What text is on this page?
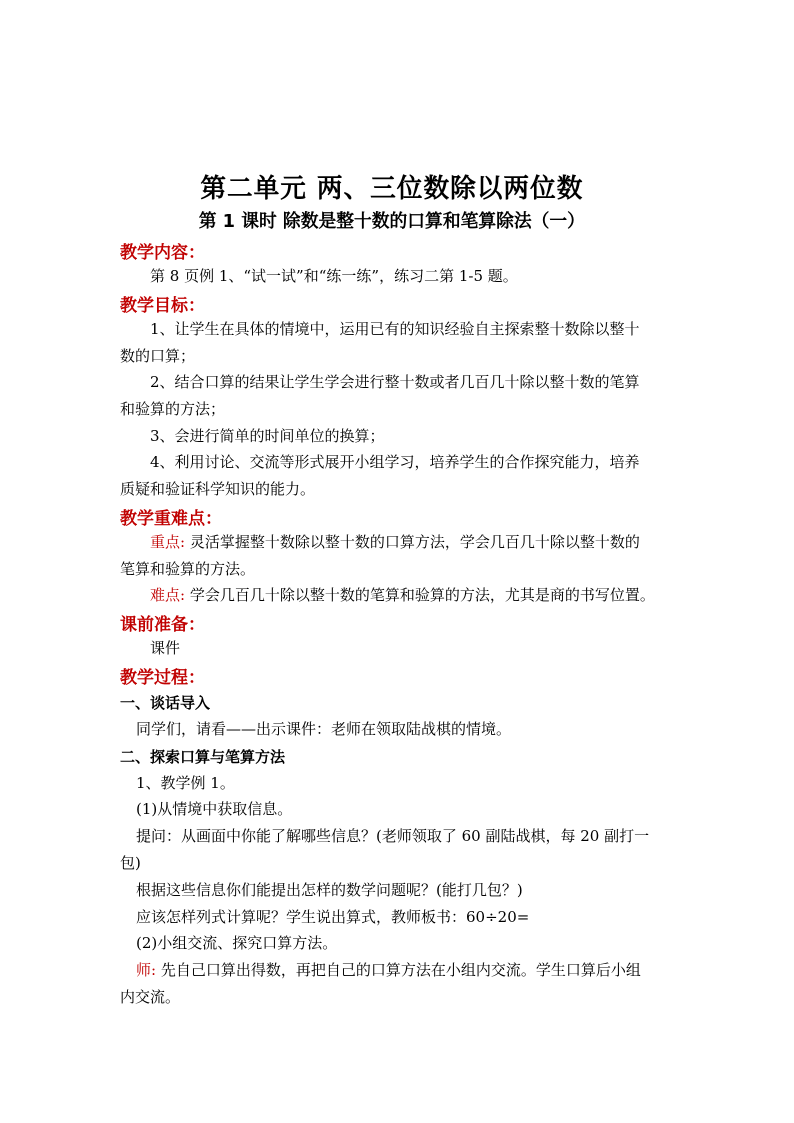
第二单元 两、三位数除以两位数
第 1 课时 除数是整十数的口算和笔算除法（一）
教学内容：
第 8 页例 1、“试一试”和“练一练”，练习二第 1-5 题。
教学目标：
1、让学生在具体的情境中，运用已有的知识经验自主探索整十数除以整十
数的口算；
2、结合口算的结果让学生学会进行整十数或者几百几十除以整十数的笔算
和验算的方法；
3、会进行简单的时间单位的换算；
4、利用讨论、交流等形式展开小组学习，培养学生的合作探究能力，培养
质疑和验证科学知识的能力。
教学重难点：
重点: 灵活掌握整十数除以整十数的口算方法，学会几百几十除以整十数的
笔算和验算的方法。
难点: 学会几百几十除以整十数的笔算和验算的方法，尤其是商的书写位置。
课前准备：
课件
教学过程：
一、谈话导入
同学们，请看——出示课件：老师在领取陆战棋的情境。
二、探索口算与笔算方法
1、教学例 1。
(1)从情境中获取信息。
提问：从画面中你能了解哪些信息？(老师领取了 60 副陆战棋，每 20 副打一
包)
根据这些信息你们能提出怎样的数学问题呢？(能打几包？)
应该怎样列式计算呢？学生说出算式，教师板书：60÷20=
(2)小组交流、探究口算方法。
师: 先自己口算出得数，再把自己的口算方法在小组内交流。学生口算后小组
内交流。
